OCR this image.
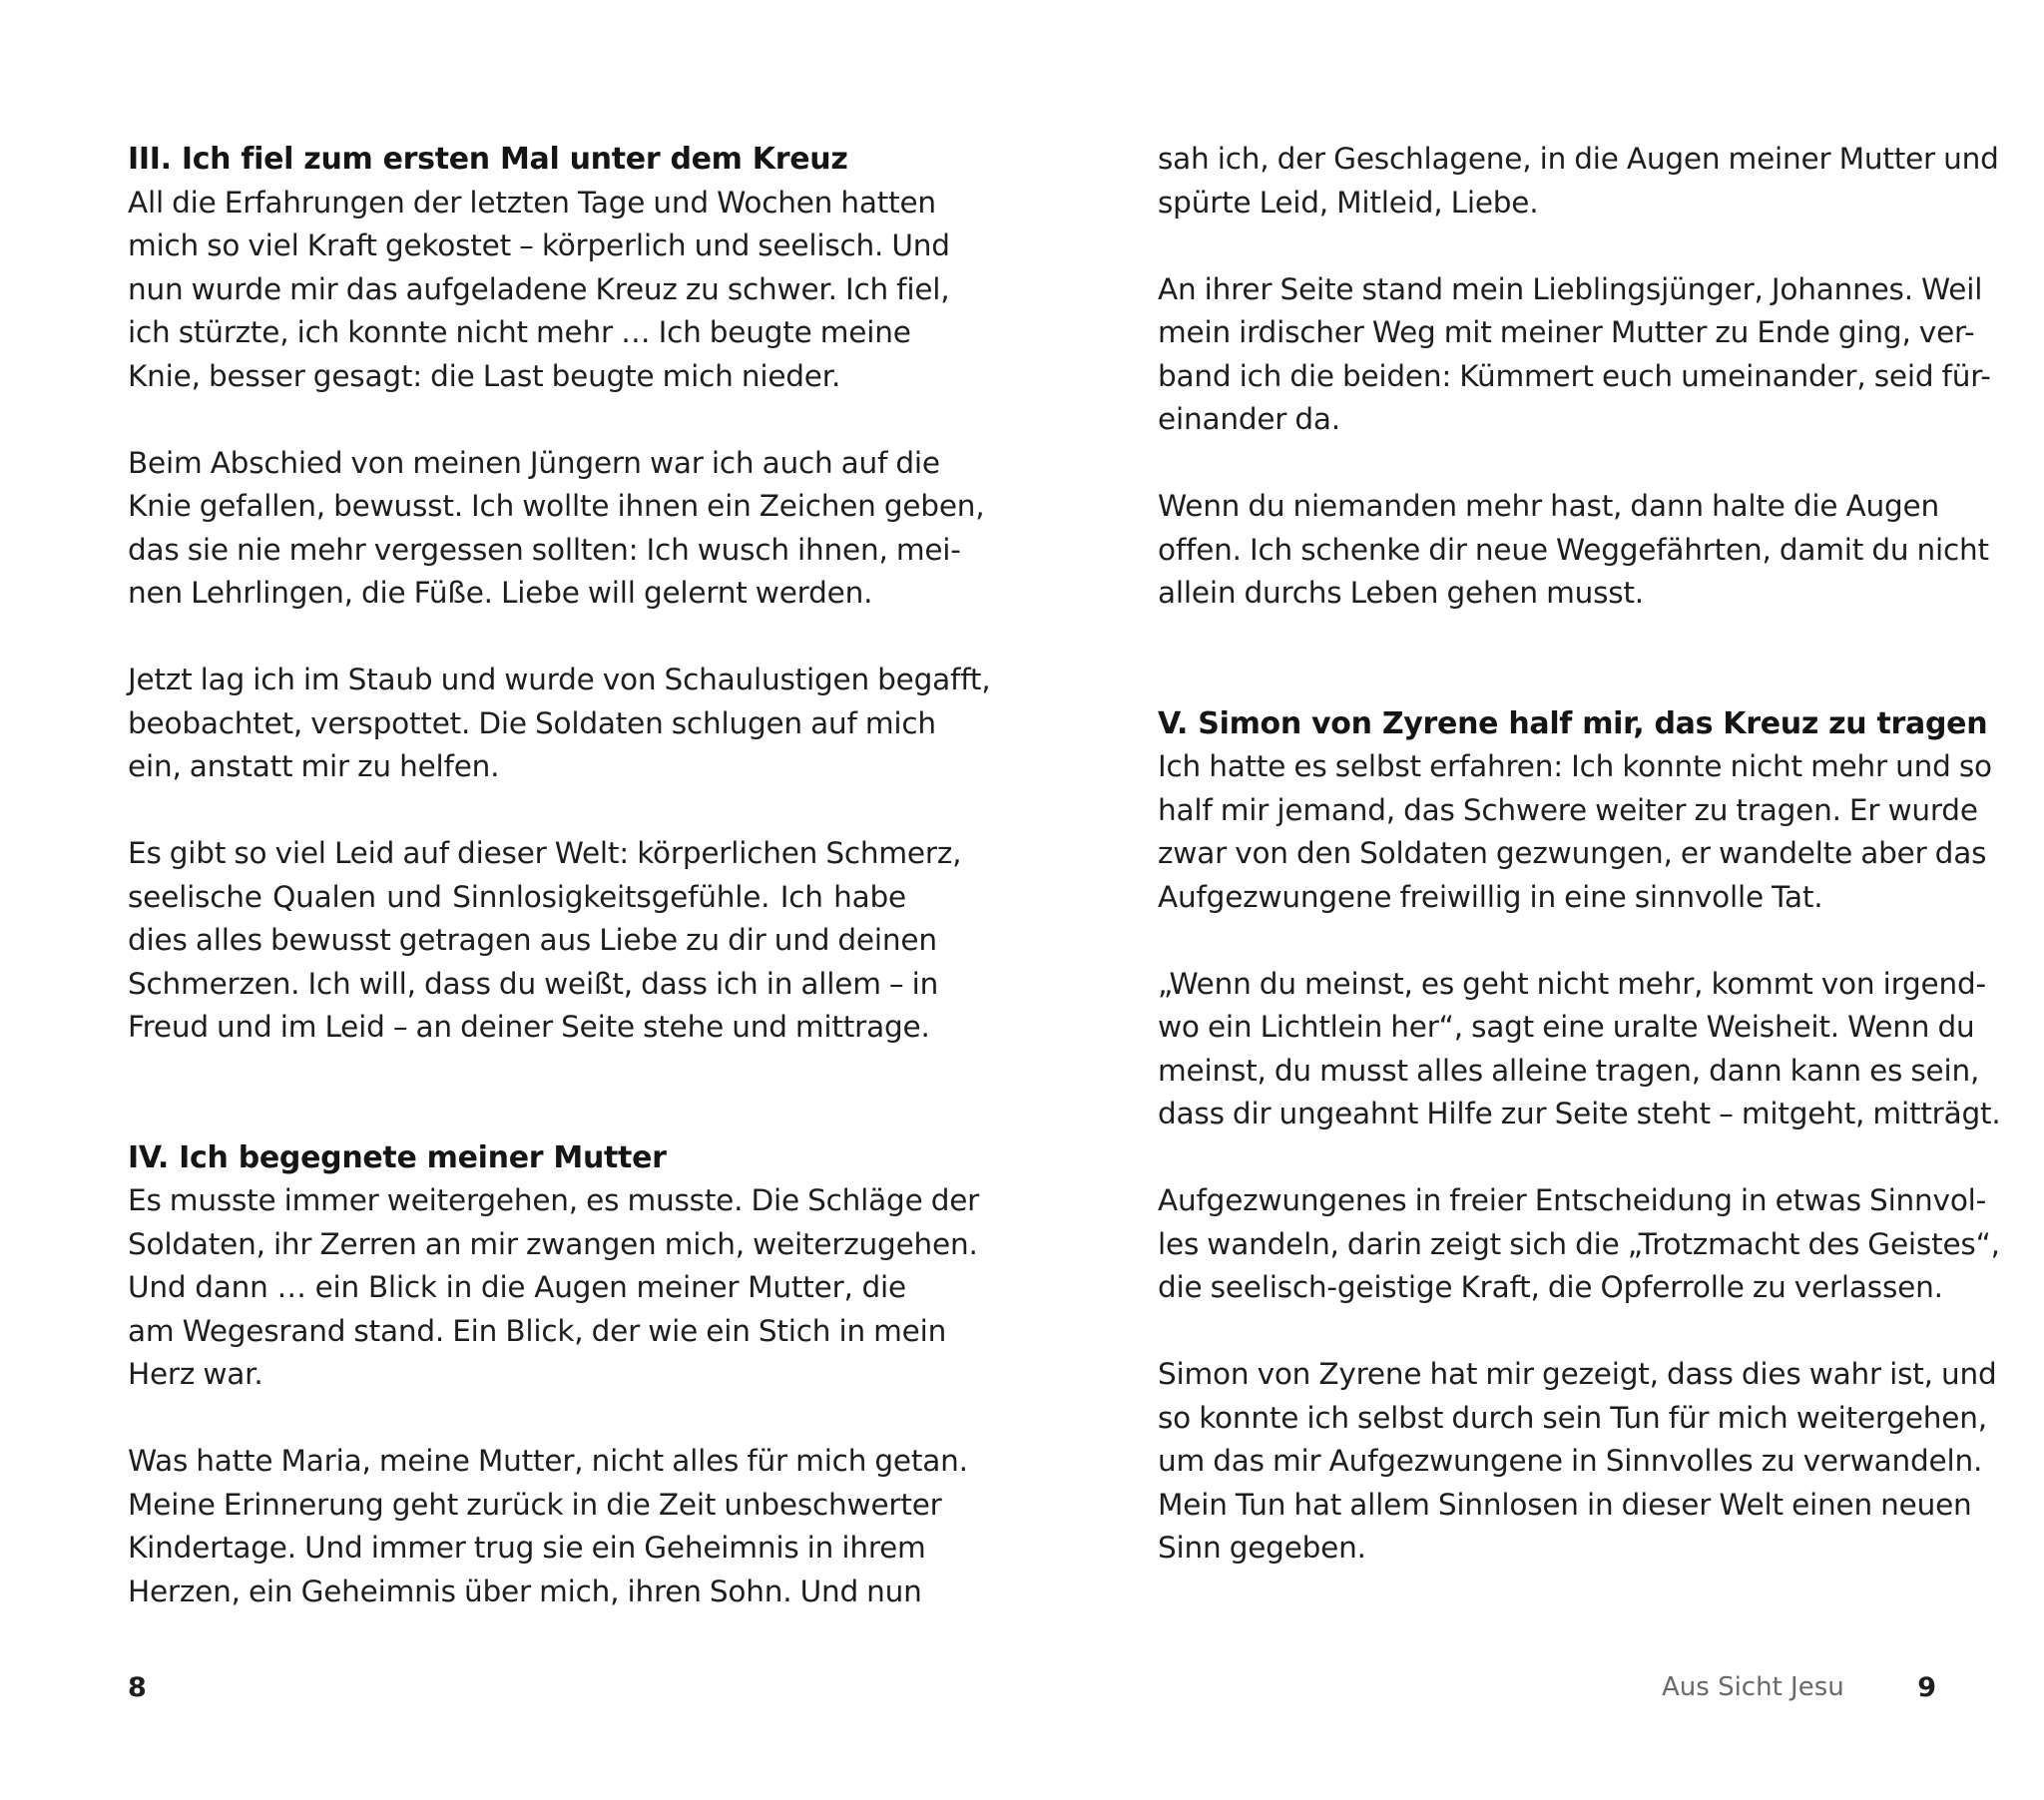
III. Ich fiel zum ersten Mal unter dem Kreuz
All die Erfahrungen der letzten Tage und Wochen hatten
mich so viel Kraft gekostet – körperlich und seelisch. Und
nun wurde mir das aufgeladene Kreuz zu schwer. Ich fiel,
ich stürzte, ich konnte nicht mehr … Ich beugte meine
Knie, besser gesagt: die Last beugte mich nieder.
Beim Abschied von meinen Jüngern war ich auch auf die
Knie gefallen, bewusst. Ich wollte ihnen ein Zeichen geben,
das sie nie mehr vergessen sollten: Ich wusch ihnen, mei-
nen Lehrlingen, die Füße. Liebe will gelernt werden.
Jetzt lag ich im Staub und wurde von Schaulustigen begafft,
beobachtet, verspottet. Die Soldaten schlugen auf mich
ein, anstatt mir zu helfen.
Es gibt so viel Leid auf dieser Welt: körperlichen Schmerz,
seelische Qualen und Sinnlosigkeitsgefühle. Ich habe
dies alles bewusst getragen aus Liebe zu dir und deinen
Schmerzen. Ich will, dass du weißt, dass ich in allem – in
Freud und im Leid – an deiner Seite stehe und mittrage.
IV. Ich begegnete meiner Mutter
Es musste immer weitergehen, es musste. Die Schläge der
Soldaten, ihr Zerren an mir zwangen mich, weiterzugehen.
Und dann … ein Blick in die Augen meiner Mutter, die
am Wegesrand stand. Ein Blick, der wie ein Stich in mein
Herz war.
Was hatte Maria, meine Mutter, nicht alles für mich getan.
Meine Erinnerung geht zurück in die Zeit unbeschwerter
Kindertage. Und immer trug sie ein Geheimnis in ihrem
Herzen, ein Geheimnis über mich, ihren Sohn. Und nun
8
sah ich, der Geschlagene, in die Augen meiner Mutter und
spürte Leid, Mitleid, Liebe.
An ihrer Seite stand mein Lieblingsjünger, Johannes. Weil
mein irdischer Weg mit meiner Mutter zu Ende ging, ver-
band ich die beiden: Kümmert euch umeinander, seid für-
einander da.
Wenn du niemanden mehr hast, dann halte die Augen
offen. Ich schenke dir neue Weggefährten, damit du nicht
allein durchs Leben gehen musst.
V. Simon von Zyrene half mir, das Kreuz zu tragen
Ich hatte es selbst erfahren: Ich konnte nicht mehr und so
half mir jemand, das Schwere weiter zu tragen. Er wurde
zwar von den Soldaten gezwungen, er wandelte aber das
Aufgezwungene freiwillig in eine sinnvolle Tat.
„Wenn du meinst, es geht nicht mehr, kommt von irgend-
wo ein Lichtlein her“, sagt eine uralte Weisheit. Wenn du
meinst, du musst alles alleine tragen, dann kann es sein,
dass dir ungeahnt Hilfe zur Seite steht – mitgeht, mitträgt.
Aufgezwungenes in freier Entscheidung in etwas Sinnvol-
les wandeln, darin zeigt sich die „Trotzmacht des Geistes“,
die seelisch-geistige Kraft, die Opferrolle zu verlassen.
Simon von Zyrene hat mir gezeigt, dass dies wahr ist, und
so konnte ich selbst durch sein Tun für mich weitergehen,
um das mir Aufgezwungene in Sinnvolles zu verwandeln.
Mein Tun hat allem Sinnlosen in dieser Welt einen neuen
Sinn gegeben.
Aus Sicht Jesu	9
